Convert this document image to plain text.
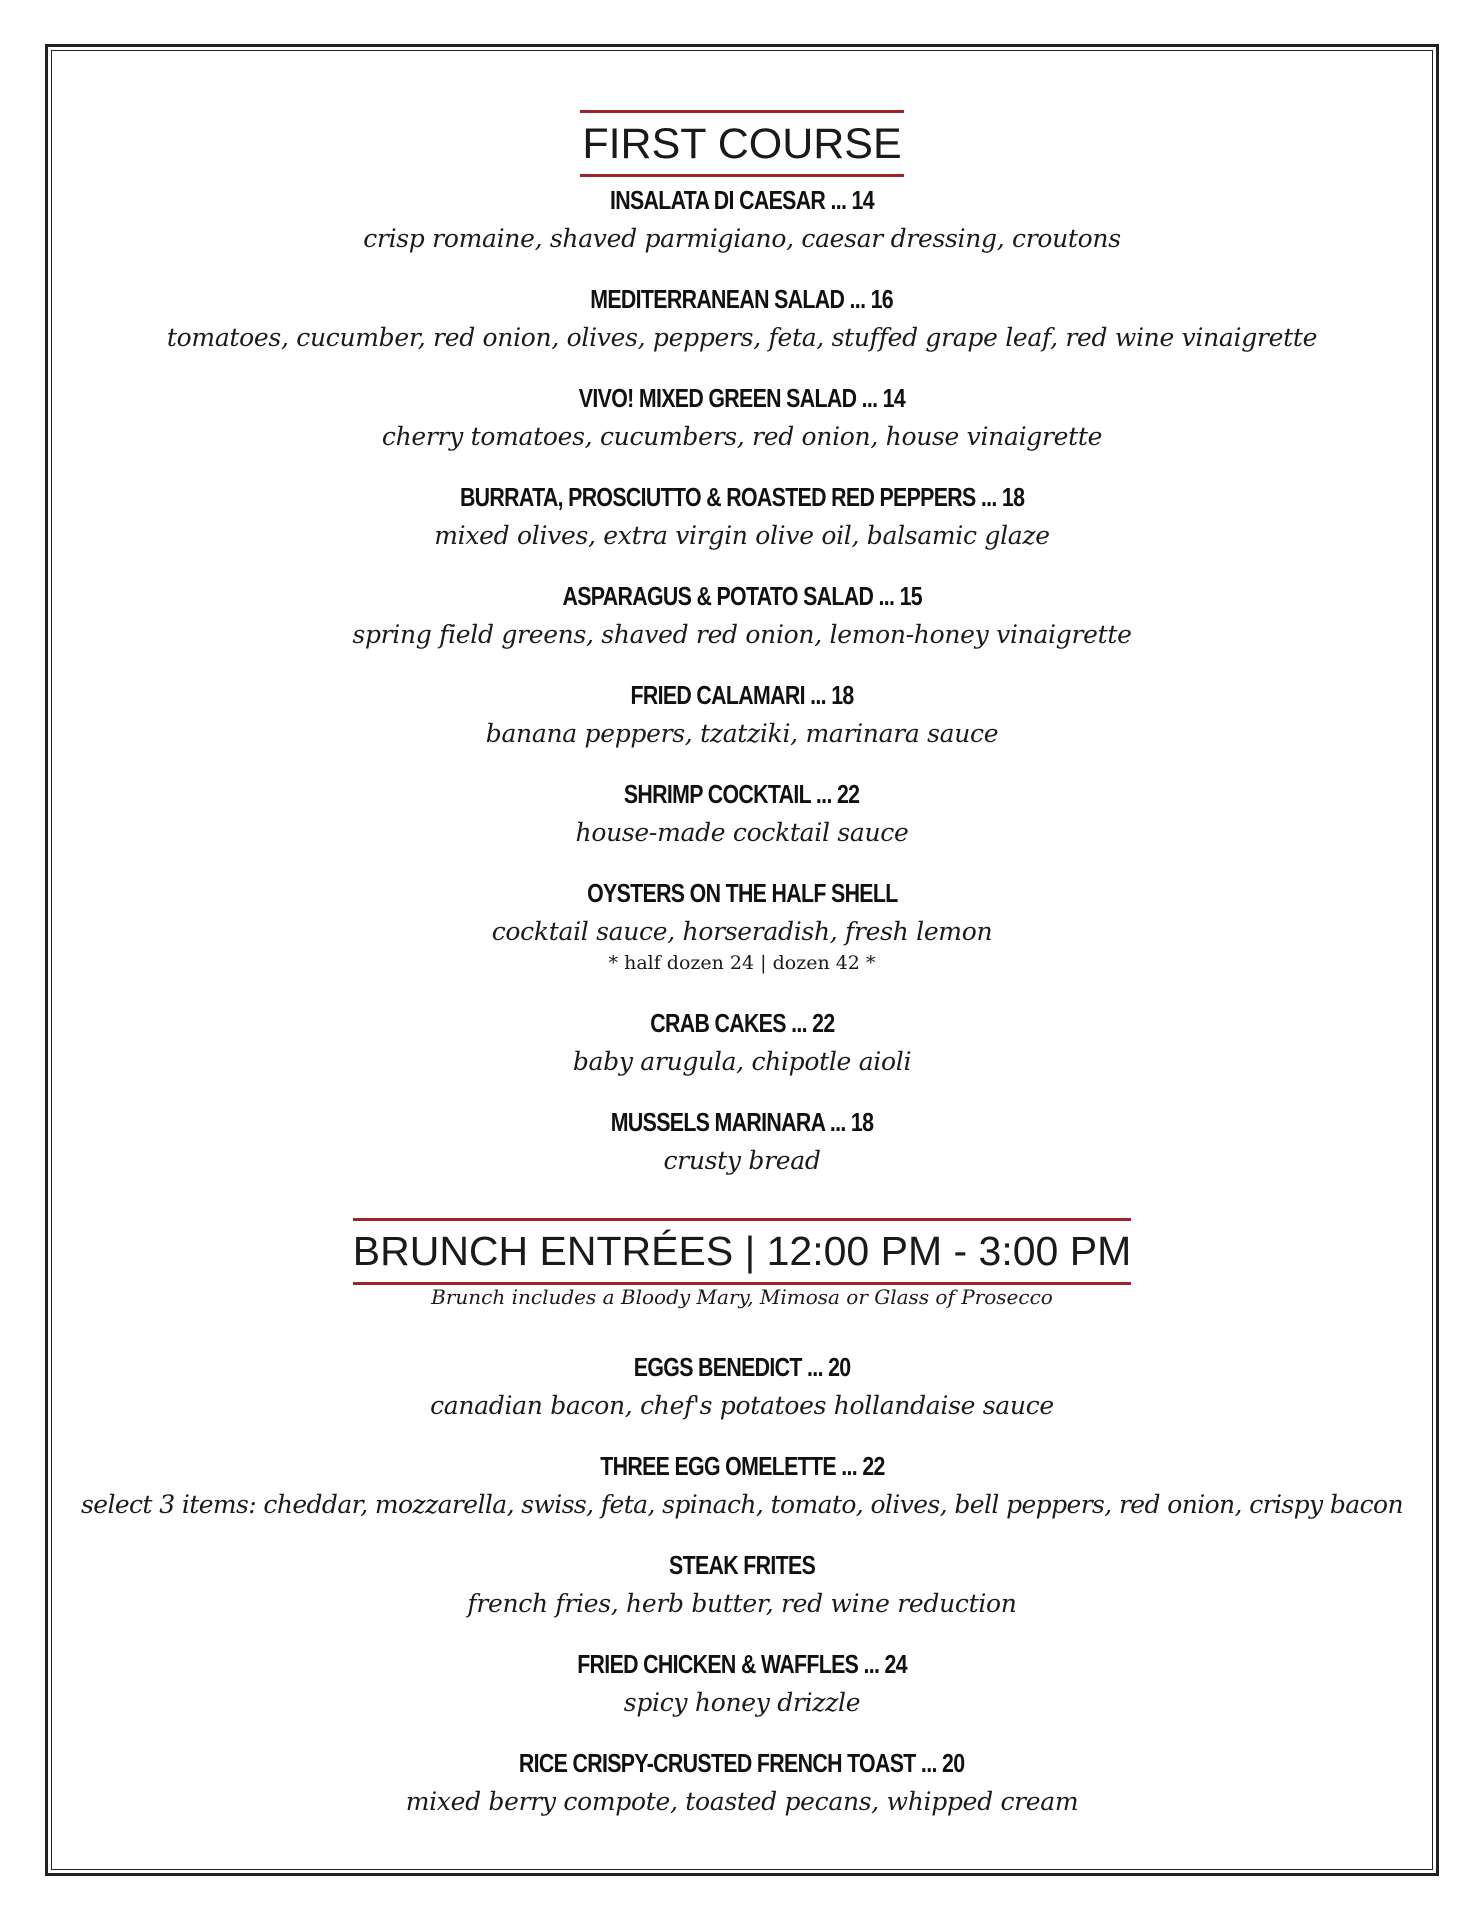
FIRST COURSE
INSALATA DI CAESAR ... 14
crisp romaine, shaved parmigiano, caesar dressing, croutons
MEDITERRANEAN SALAD ... 16
tomatoes, cucumber, red onion, olives, peppers, feta, stuffed grape leaf, red wine vinaigrette
VIVO! MIXED GREEN SALAD ... 14
cherry tomatoes, cucumbers, red onion, house vinaigrette
BURRATA, PROSCIUTTO & ROASTED RED PEPPERS ... 18
mixed olives, extra virgin olive oil, balsamic glaze
ASPARAGUS & POTATO SALAD ... 15
spring field greens, shaved red onion, lemon-honey vinaigrette
FRIED CALAMARI ... 18
banana peppers, tzatziki, marinara sauce
SHRIMP COCKTAIL ... 22
house-made cocktail sauce
OYSTERS ON THE HALF SHELL
cocktail sauce, horseradish, fresh lemon
* half dozen 24 | dozen 42 *
CRAB CAKES ... 22
baby arugula, chipotle aioli
MUSSELS MARINARA ... 18
crusty bread
BRUNCH ENTRÉES | 12:00 PM - 3:00 PM
Brunch includes a Bloody Mary, Mimosa or Glass of Prosecco
EGGS BENEDICT ... 20
canadian bacon, chef's potatoes hollandaise sauce
THREE EGG OMELETTE ... 22
select 3 items: cheddar, mozzarella, swiss, feta, spinach, tomato, olives, bell peppers, red onion, crispy bacon
STEAK FRITES
french fries, herb butter, red wine reduction
FRIED CHICKEN & WAFFLES ... 24
spicy honey drizzle
RICE CRISPY-CRUSTED FRENCH TOAST ... 20
mixed berry compote, toasted pecans, whipped cream
